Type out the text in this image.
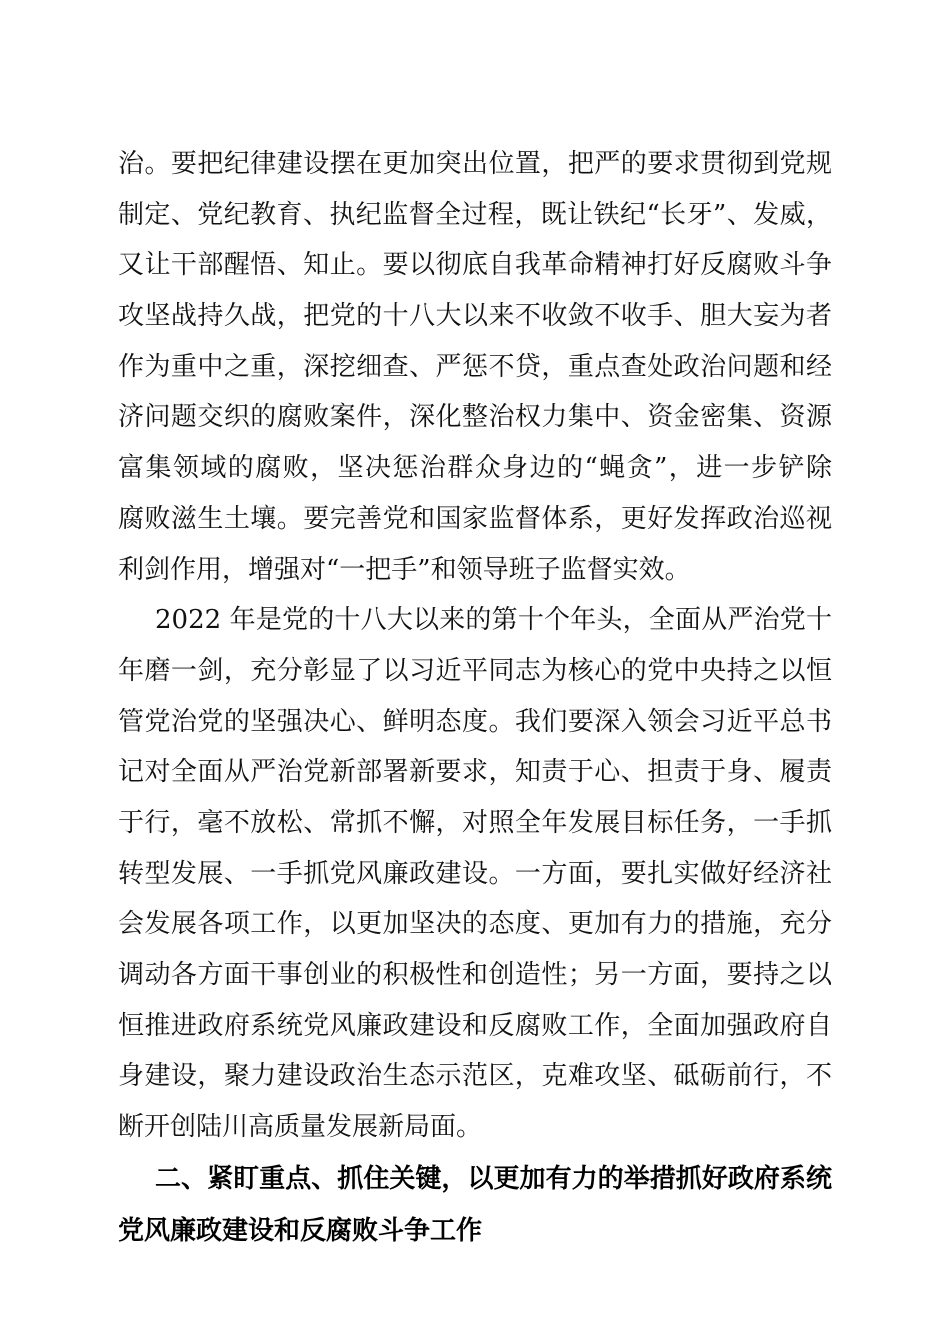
治。要把纪律建设摆在更加突出位置，把严的要求贯彻到党规
制定、党纪教育、执纪监督全过程，既让铁纪“长牙”、发威，
又让干部醒悟、知止。要以彻底自我革命精神打好反腐败斗争
攻坚战持久战，把党的十八大以来不收敛不收手、胆大妄为者
作为重中之重，深挖细查、严惩不贷，重点查处政治问题和经
济问题交织的腐败案件，深化整治权力集中、资金密集、资源
富集领域的腐败，坚决惩治群众身边的“蝇贪”，进一步铲除
腐败滋生土壤。要完善党和国家监督体系，更好发挥政治巡视
利剑作用，增强对“一把手”和领导班子监督实效。
2022 年是党的十八大以来的第十个年头，全面从严治党十
年磨一剑，充分彰显了以习近平同志为核心的党中央持之以恒
管党治党的坚强决心、鲜明态度。我们要深入领会习近平总书
记对全面从严治党新部署新要求，知责于心、担责于身、履责
于行，毫不放松、常抓不懈，对照全年发展目标任务，一手抓
转型发展、一手抓党风廉政建设。一方面，要扎实做好经济社
会发展各项工作，以更加坚决的态度、更加有力的措施，充分
调动各方面干事创业的积极性和创造性；另一方面，要持之以
恒推进政府系统党风廉政建设和反腐败工作，全面加强政府自
身建设，聚力建设政治生态示范区，克难攻坚、砥砺前行，不
断开创陆川高质量发展新局面。
二、紧盯重点、抓住关键，以更加有力的举措抓好政府系统
党风廉政建设和反腐败斗争工作
